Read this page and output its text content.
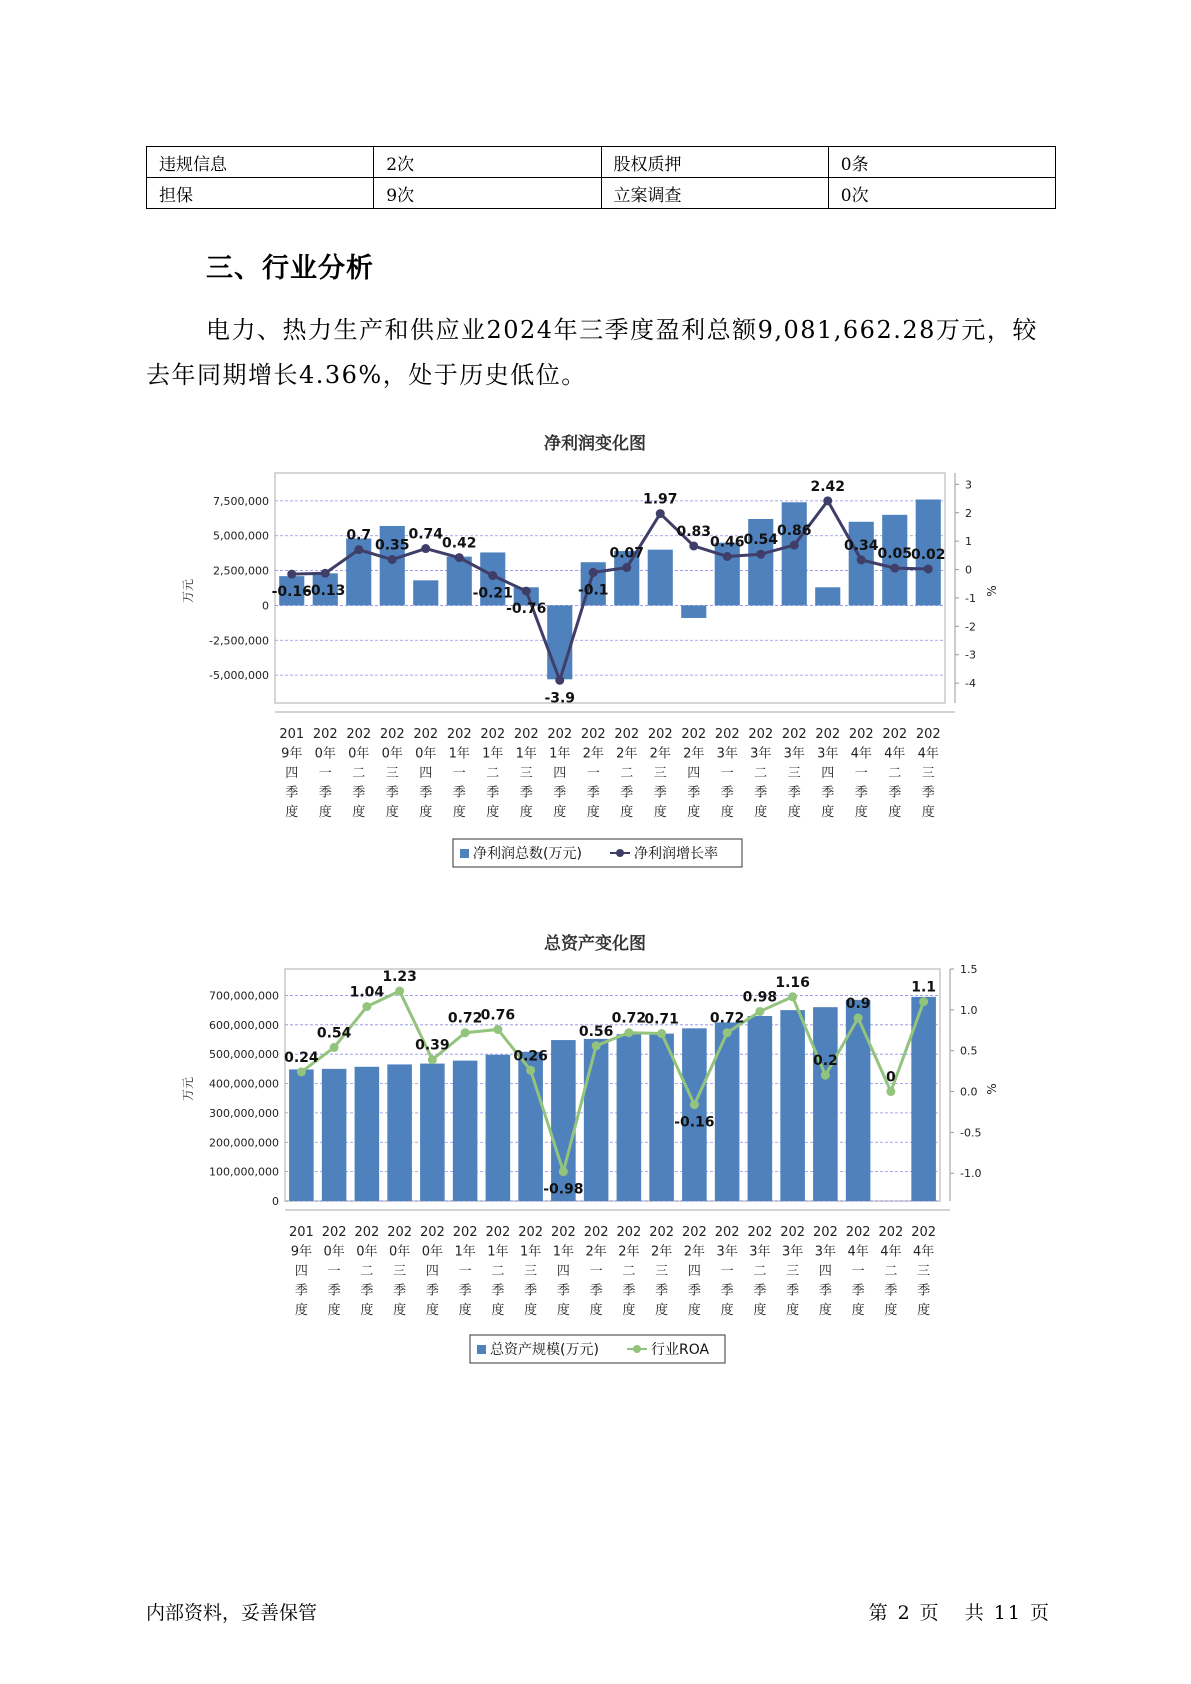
违规信息	2次	股权质押	0条
担保	9次	立案调查	0次
三、行业分析
电力、热力生产和供应业2024年三季度盈利总额9,081,662.28万元，较去年同期增长4.36%，处于历史低位。
净利润变化图
7,500,000
5,000,000
2,500,000
0
-2,500,000
-5,000,000
3
2
1
0
-1
-2
-3
-4
万元	%
-0.16
-0.13
0.7
0.35
0.74
0.42
-0.21
-0.76
-3.9
-0.1
0.07
1.97
0.83
0.46
0.54
0.86
2.42
0.34
0.05
0.02
201 9年四季度
202 0年一季度
202 0年二季度
202 0年三季度
202 0年四季度
202 1年一季度
202 1年二季度
202 1年三季度
202 1年四季度
202 2年一季度
202 2年二季度
202 2年三季度
202 2年四季度
202 3年一季度
202 3年二季度
202 3年三季度
202 3年四季度
202 4年一季度
202 4年二季度
202 4年三季度
净利润总数(万元)	净利润增长率
总资产变化图
700,000,000
600,000,000
500,000,000
400,000,000
300,000,000
200,000,000
100,000,000
0
1.5
1.0
0.5
0.0
-0.5
-1.0
万元	%
0.24
0.54
1.04
1.23
0.39
0.72
0.76
0.26
-0.98
0.56
0.72
0.71
-0.16
0.72
0.98
1.16
0.2
0.9
0
1.1
201 9年四季度
202 0年一季度
202 0年二季度
202 0年三季度
202 0年四季度
202 1年一季度
202 1年二季度
202 1年三季度
202 1年四季度
202 2年一季度
202 2年二季度
202 2年三季度
202 2年四季度
202 3年一季度
202 3年二季度
202 3年三季度
202 3年四季度
202 4年一季度
202 4年二季度
202 4年三季度
总资产规模(万元)	行业ROA
内部资料，妥善保管	第 2 页 共 11 页
